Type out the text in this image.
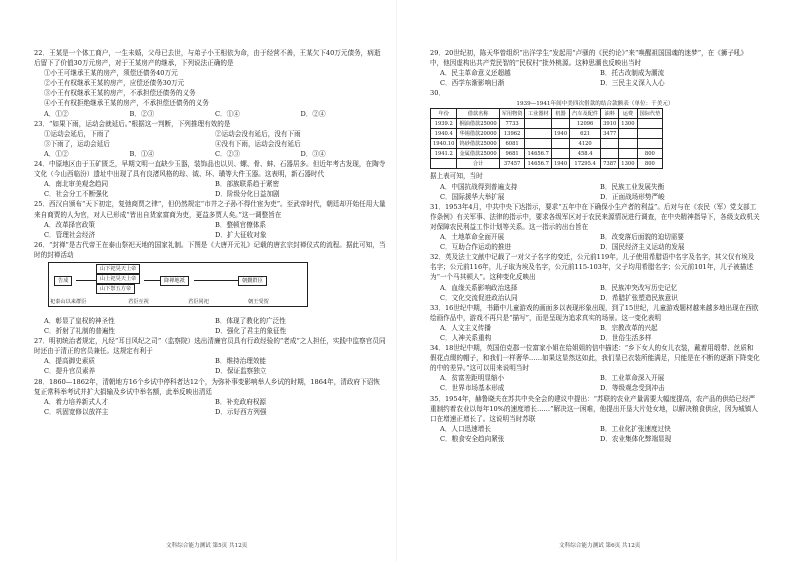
22．王某是一个体工商户，一生未婚，父母已去世，与弟子小王相依为命，由于经营不善，王某欠下40万元债务，病逝后留下了价值30万元房产，对于王某房产的继承，下列说法正确的是

①小王可继承王某的房产，须偿还债务40万元

②小王有权继承王某的房产，应偿还债务30万元

③小王有权继承王某的房产，不承担偿还债务的义务

④小王有权拒绝继承王某的房产，不承担偿还债务的义务

A．①②	B．②③	C．①④	D．②④

23．“如果下雨，运动会就延后。”根据这一判断，下列推理有效的是

①运动会延后，下雨了	②运动会没有延后，没有下雨
③下雨了，运动会延后	④没有下雨，运动会没有延后
A．①②	B．①④	C．②③	D．③④

24．中原地区由于玉矿匮乏，早期文明一直缺少玉器，装饰品也以贝、螺、骨、蚌、石器居多。但近年考古发现，在陶寺文化（今山西临汾）遗址中出现了具有良渚风格的琮、钺、环、璜等大件玉器。这表明，新石器时代

A．南北审美观念趋同	B．部族联系趋于紧密
C．社会分工不断强化	D．阶级分化日益加剧

25．西汉自颁布“天下初定，复弛商贾之律”，但仍然规定“市井之子孙不得仕宦为吏”。至武帝时代，朝廷却开始任用大量来自商贾的人为官，对人已形成“皆出自货家富商为吏，更益多贾人矣。”这一调整旨在

A．改革择官政策	B．整顿官僚体系
C．管理社会经济	D．扩大征收对象

26．“封禅”是古代帝王在泰山祭祀天地的国家礼制。下图是《大唐开元礼》记载的唐玄宗封禅仪式的流程。据此可知，当时的封禅活动

告成
山下祀昊天上帝
山上祀昊天上帝
山下祭五方帝
降禅地祇	朝觐群臣
祀泰山以来群臣	君臣互祝	君臣同祀	朝王受贺
A．彰显了皇权的神圣性	B．体现了教化的广泛性
C．折射了礼制的普遍性	D．强化了君主的象征性

27．明初统治者规定，凡经“耳目风纪之司”（监察院）选出清廉官员具有行政经验的“老成”之人担任，实践中监察官员同时还由于清正的官员兼任。这规定有利于

A．提高御史素质	B．维持治理效能
C．提升官员素养	D．保证监察独立

28．1860—1862年，清朝地方16个乡试中停科者达12个，为弥补事变影响举人乡试的时期，1864年，清政府下诏恢复正常科举考试并扩大捐输及乡试中举名额，此举反映出清廷

A．着力培养新式人才	B．补充政府权源
C．巩固宽修以放祥主	D．示好西方列强
文科综合能力测试 第5页 共12页

29．20世纪初，陈天华曾组织“出洋学生”发起用“卢骚的《民约论》”来“唤醒祖国国魂的迷梦”，在《狮子吼》中，他因虚构出共产党民智的“民权村”批外桃源。这种思潮也反映出当时

A．民主革命意义还超越	B．托古改制成为潮流
C．西学东渐影响日渐	D．三民主义深入人心

30．

1939—1941年间中美四次借款的结合款额表（单位：千美元）
年份	借款名称	军用物资	工业器材	机器	汽车及配件	油料	运费	国际代垫
1939.2	桐油借款25000	7733			12096	3910	1300	
1940.4	华锡借款20000	13962		1940	621	3477		
1940.10	钨砂借款25000	6081			4120			
1941.2	金属借款25000	9681	14656.7		458.4			800
	合计	37457	14656.7	1940	17295.4	7387	1300	800

据上表可知，当时

A．中国抗战得到普遍支持	B．民族工业发展失衡
C．国际援华大举扩展	D．正面战场形势严峻

31．1953年4月，中共中央下达指示，要求“五年中在下确保小生产者的利益”。后对与在《农民（军）党支部工作条例》有关军事、法律的指示中，要求各级军区对于农民来源情况进行调查，在中央精神指导下，各级支政机关对保障农民利益工作计划等关系。这一指示的出台旨在

A．土地革命全面开展	B．改变落后面貌的迫切需要
C．互助合作运动的推进	D．国民经济主义运动的发展

32．英及法士文献中记载了一对父子名字的变迁，公元前119年，儿子使用希腊语中名字及名字，其父仅有埃及名字；公元前116年，儿子取为埃及名字，公元前115-103年，父子均用希腊名字；公元前101年，儿子被描述为“一个马其顿人”。这种变化反映出

A．血缘关系影响政治选择	B．民族冲突改写历史记忆
C．文化交流促进政治认同	D．希腊扩张塑造民族意识

33．16世纪中期，书籍中儿童游戏的画面多以表现形象出现，到了15世纪，儿童游戏题材越来越多地出现在西欧绘画作品中，游戏不再只是“描写”，而是呈现为追求真实的场景。这一变化表明

A．人文主义传播	B．宗教改革的兴起
C．人神关系重构	D．世俗生活多样

34．18世纪中期，英国伯克郡一位富家小姐在给姐姐的信中描述：“乡下女人的女儿衣装，戴着用缎带、丝质和假花点缀的帽子，和我们一样奢华……如果这显然这如此，我们显已衣装所能满足，只能是在不断的逐渐下降变化的中的差异。”这可以用来说明当时

A．贫富差距明显缩小	B．工业革命深入开展
C．世界市场基本形成	D．等级观念受到冲击

35．1954年，赫鲁晓夫在苏共中央全会的建议中提出：“苏联的农业产量需要大幅度提高，农产品的供给已经严重制约着农业以每年10%的速度增长……”解决这一困难，他提出开垦大片处女地，以解决粮食供应，因为城镇人口在增速正增长了。这说明当时苏联

A．人口迅速增长	B．工业化扩张速度过快
C．粮食安全趋向紧张	D．农业集体化弊端显现
文科综合能力测试 第6页 共12页
